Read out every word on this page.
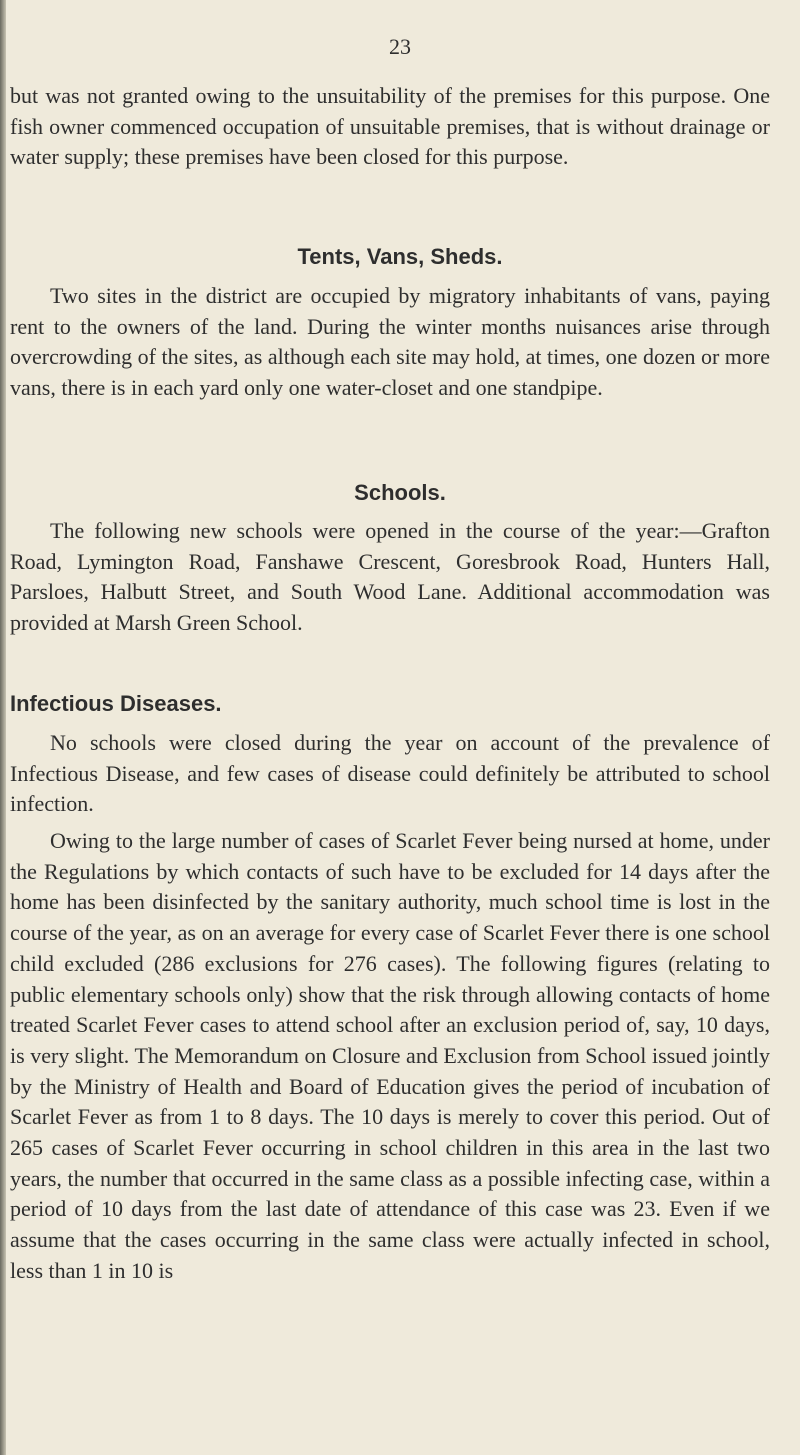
23

but was not granted owing to the unsuitability of the premises for this purpose. One fish owner commenced occupation of unsuitable premises, that is without drainage or water supply; these premises have been closed for this purpose.

Tents, Vans, Sheds.

Two sites in the district are occupied by migratory inhabitants of vans, paying rent to the owners of the land. During the winter months nuisances arise through overcrowding of the sites, as although each site may hold, at times, one dozen or more vans, there is in each yard only one water-closet and one standpipe.

Schools.

The following new schools were opened in the course of the year:—Grafton Road, Lymington Road, Fanshawe Crescent, Goresbrook Road, Hunters Hall, Parsloes, Halbutt Street, and South Wood Lane. Additional accommodation was provided at Marsh Green School.

Infectious Diseases.

No schools were closed during the year on account of the prevalence of Infectious Disease, and few cases of disease could definitely be attributed to school infection.

Owing to the large number of cases of Scarlet Fever being nursed at home, under the Regulations by which contacts of such have to be excluded for 14 days after the home has been disinfected by the sanitary authority, much school time is lost in the course of the year, as on an average for every case of Scarlet Fever there is one school child excluded (286 exclusions for 276 cases). The following figures (relating to public elementary schools only) show that the risk through allowing contacts of home treated Scarlet Fever cases to attend school after an exclusion period of, say, 10 days, is very slight. The Memorandum on Closure and Exclusion from School issued jointly by the Ministry of Health and Board of Education gives the period of incubation of Scarlet Fever as from 1 to 8 days. The 10 days is merely to cover this period. Out of 265 cases of Scarlet Fever occurring in school children in this area in the last two years, the number that occurred in the same class as a possible infecting case, within a period of 10 days from the last date of attendance of this case was 23. Even if we assume that the cases occurring in the same class were actually infected in school, less than 1 in 10 is
